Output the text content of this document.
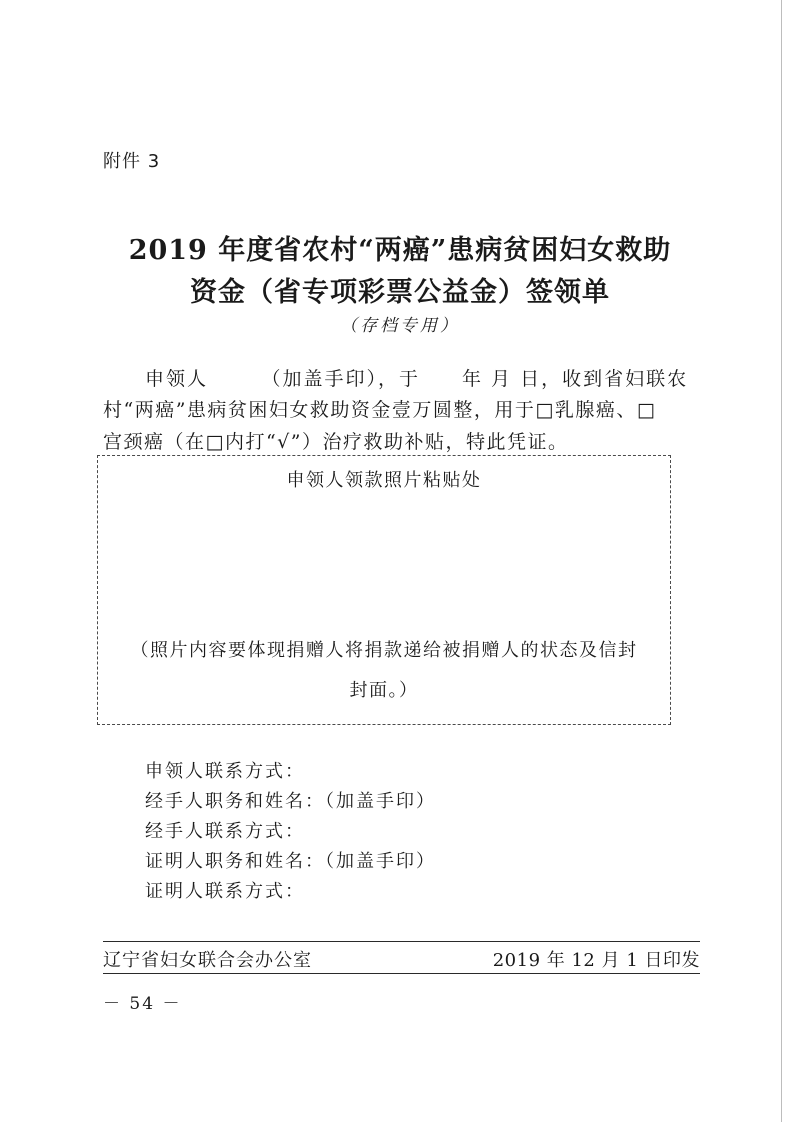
附件 3
2019 年度省农村“两癌”患病贫困妇女救助
资金（省专项彩票公益金）签领单
（存档专用）
申领人　　　（加盖手印），于　　年 月 日，收到省妇联农
村“两癌”患病贫困妇女救助资金壹万圆整，用于□乳腺癌、□
宫颈癌（在□内打“√”）治疗救助补贴，特此凭证。
申领人领款照片粘贴处
（照片内容要体现捐赠人将捐款递给被捐赠人的状态及信封
封面。）
申领人联系方式：
经手人职务和姓名：（加盖手印）
经手人联系方式：
证明人职务和姓名：（加盖手印）
证明人联系方式：
辽宁省妇女联合会办公室	2019 年 12 月 1 日印发
－ 54 －
